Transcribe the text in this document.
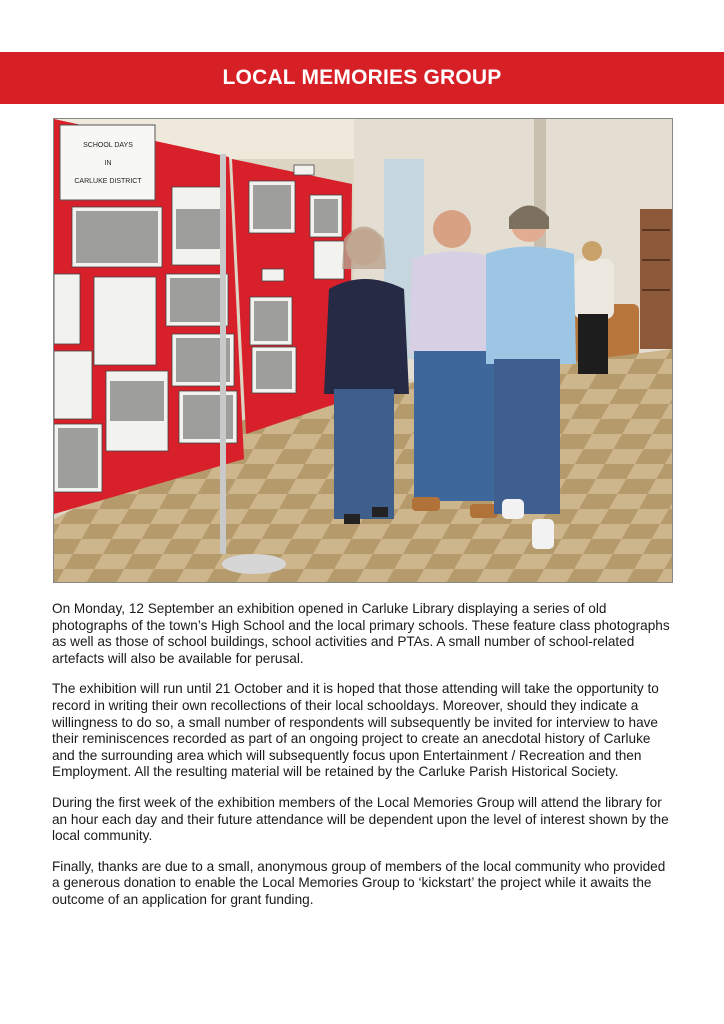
LOCAL MEMORIES GROUP
SCHOOL DAYS
IN
CARLUKE DISTRICT

On Monday, 12 September an exhibition opened in Carluke Library displaying a series of old photographs of the town’s High School and the local primary schools. These feature class photographs as well as those of school buildings, school activities and PTAs. A small number of school-related artefacts will also be available for perusal.

The exhibition will run until 21 October and it is hoped that those attending will take the opportunity to record in writing their own recollections of their local schooldays. Moreover, should they indicate a willingness to do so, a small number of respondents will subsequently be invited for interview to have their reminiscences recorded as part of an ongoing project to create an anecdotal history of Carluke and the surrounding area which will subsequently focus upon Entertainment / Recreation and then Employment. All the resulting material will be retained by the Carluke Parish Historical Society.

During the first week of the exhibition members of the Local Memories Group will attend the library for an hour each day and their future attendance will be dependent upon the level of interest shown by the local community.

Finally, thanks are due to a small, anonymous group of members of the local community who provided a generous donation to enable the Local Memories Group to ‘kickstart’ the project while it awaits the outcome of an application for grant funding.
